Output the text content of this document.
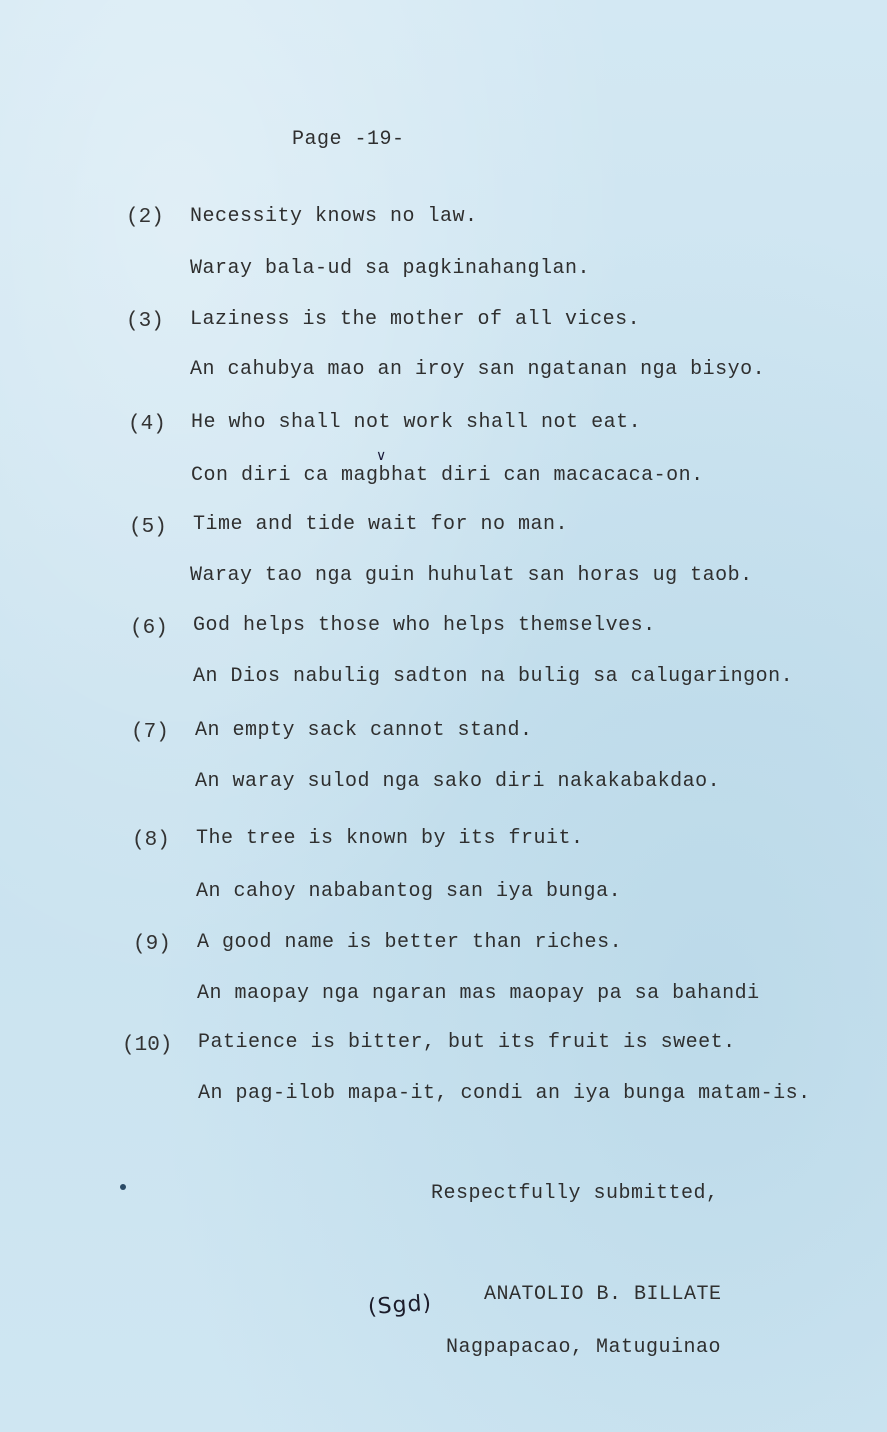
Page -19-
(2) Necessity knows no law.
Waray bala-ud sa pagkinahanglan.
(3) Laziness is the mother of all vices.
An cahubya mao an iroy san ngatanan nga bisyo.
(4) He who shall not work shall not eat.
∨
Con diri ca magbhat diri can macacaca-on.
(5) Time and tide wait for no man.
Waray tao nga guin huhulat san horas ug taob.
(6) God helps those who helps themselves.
An Dios nabulig sadton na bulig sa calugaringon.
(7) An empty sack cannot stand.
An waray sulod nga sako diri nakakabakdao.
(8) The tree is known by its fruit.
An cahoy nababantog san iya bunga.
(9) A good name is better than riches.
An maopay nga ngaran mas maopay pa sa bahandi
(10) Patience is bitter, but its fruit is sweet.
An pag-ilob mapa-it, condi an iya bunga matam-is.
Respectfully submitted,
(Sgd)	ANATOLIO B. BILLATE
Nagpapacao, Matuguinao
